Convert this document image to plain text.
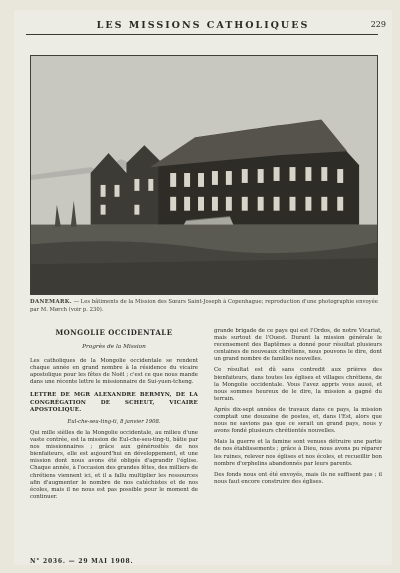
LES MISSIONS CATHOLIQUES	229
DANEMARK. — Les bâtiments de la Mission des Sœurs Saint-Joseph à Copenhague; reproduction d'une photographie envoyée par M. Mørch (voir p. 230).
MONGOLIE OCCIDENTALE
Progrès de la Mission

Les catholiques de la Mongolie occidentale se rendent chaque année en grand nombre à la résidence du vicaire apostolique pour les fêtes de Noël ; c'est ce que nous mande dans une récente lettre le missionnaire de Sui-yuen-tcheng.

LETTRE DE MGR ALEXANDRE BERMYN, DE LA CONGRÉGATION DE SCHEUT, VICAIRE APOSTOLIQUE.

Eul-che-seu-ting-ti, 8 janvier 1908.

Qui mille sièlles de la Mongolie occidentale, au milieu d'une vaste contrée, est la mission de Eul-che-seu-ting-ti, bâtie par nos missionnaires ; grâce aux générosités de nos bienfaiteurs, elle est aujourd'hui en développement, et une mission dont nous avons été obligés d'agrandir l'église. Chaque année, à l'occasion des grandes fêtes, des milliers de chrétiens viennent ici, et il a fallu multiplier les ressources afin d'augmenter le nombre de nos catéchistes et de nos écoles, mais il ne nous est pas possible pour le moment de continuer.

grande brigade de ce pays qui est l'Ordos, de notre Vicariat, mais surtout de l'Ouest. Durant la mission générale le recensement des Baptêmes a donné pour résultat plusieurs centaines de nouveaux chrétiens, nous pouvons le dire, dont un grand nombre de familles nouvelles.

Ce résultat est dû sans contredit aux prières des bienfaiteurs, dans toutes les églises et villages chrétiens, de la Mongolie occidentale. Vous l'avez appris vous aussi, et nous sommes heureux de le dire, la mission a gagné du terrain.

Après dix-sept années de travaux dans ce pays, la mission comptait une douzaine de postes, et, dans l'Est, alors que nous ne savions pas que ce serait un grand pays, nous y avons fondé plusieurs chrétientés nouvelles.

Mais la guerre et la famine sont venues détruire une partie de nos établissements ; grâce à Dieu, nous avons pu réparer les ruines, relever nos églises et nos écoles, et recueillir bon nombre d'orphelins abandonnés par leurs parents.

Des fonds nous ont été envoyés, mais ils ne suffisent pas ; il nous faut encore construire des églises.

N° 2036. — 29 MAI 1908.
